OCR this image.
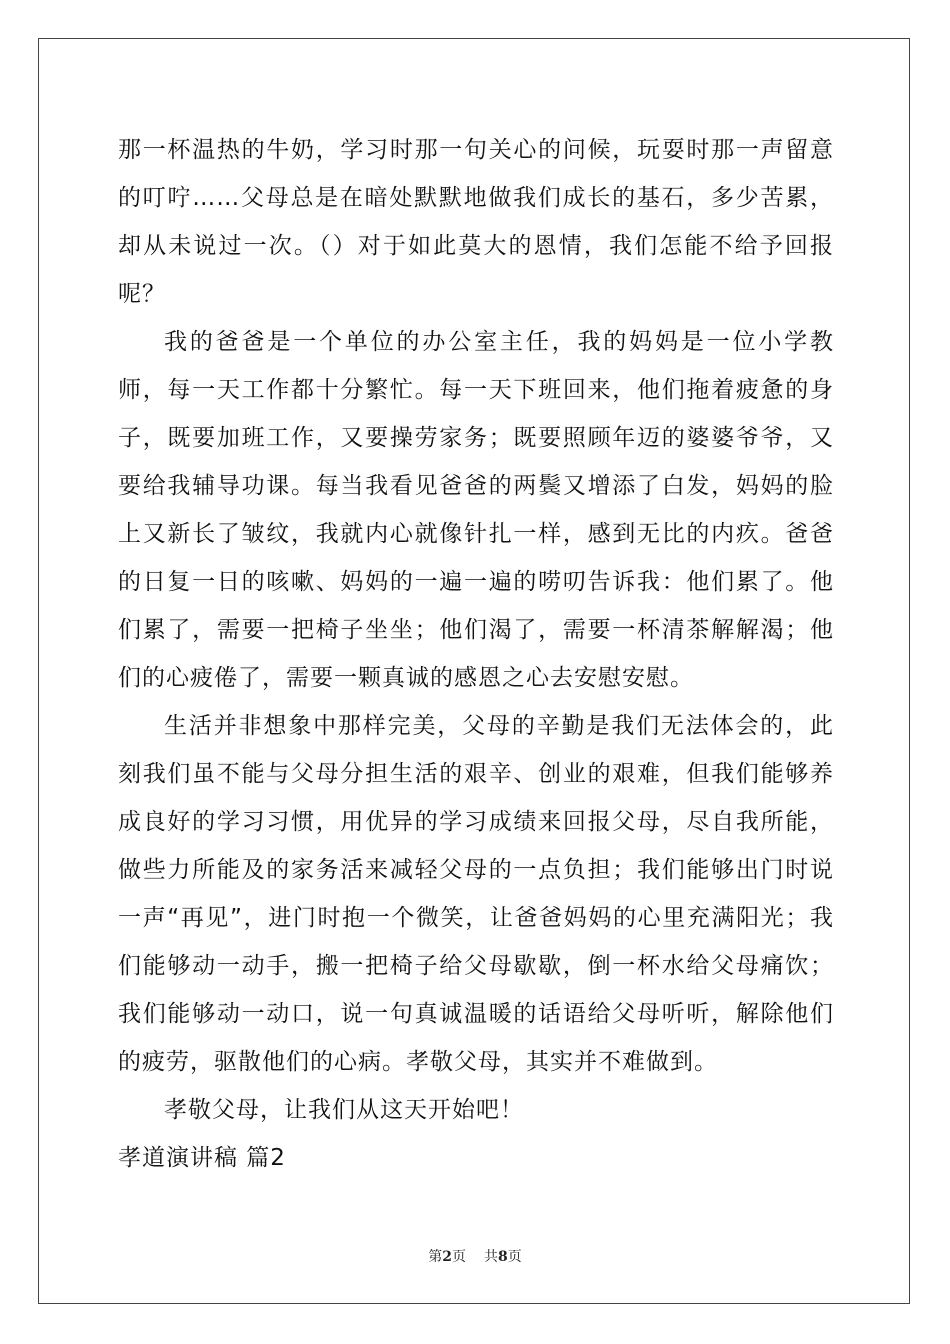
那一杯温热的牛奶，学习时那一句关心的问候，玩耍时那一声留意的叮咛……父母总是在暗处默默地做我们成长的基石，多少苦累，却从未说过一次。（）对于如此莫大的恩情，我们怎能不给予回报呢？

我的爸爸是一个单位的办公室主任，我的妈妈是一位小学教师，每一天工作都十分繁忙。每一天下班回来，他们拖着疲惫的身子，既要加班工作，又要操劳家务；既要照顾年迈的婆婆爷爷，又要给我辅导功课。每当我看见爸爸的两鬓又增添了白发，妈妈的脸上又新长了皱纹，我就内心就像针扎一样，感到无比的内疚。爸爸的日复一日的咳嗽、妈妈的一遍一遍的唠叨告诉我：他们累了。他们累了，需要一把椅子坐坐；他们渴了，需要一杯清茶解解渴；他们的心疲倦了，需要一颗真诚的感恩之心去安慰安慰。

生活并非想象中那样完美，父母的辛勤是我们无法体会的，此刻我们虽不能与父母分担生活的艰辛、创业的艰难，但我们能够养成良好的学习习惯，用优异的学习成绩来回报父母，尽自我所能，做些力所能及的家务活来减轻父母的一点负担；我们能够出门时说一声“再见”，进门时抱一个微笑，让爸爸妈妈的心里充满阳光；我们能够动一动手，搬一把椅子给父母歇歇，倒一杯水给父母痛饮；我们能够动一动口，说一句真诚温暖的话语给父母听听，解除他们的疲劳，驱散他们的心病。孝敬父母，其实并不难做到。

孝敬父母，让我们从这天开始吧！

孝道演讲稿 篇2

第2页 共8页
